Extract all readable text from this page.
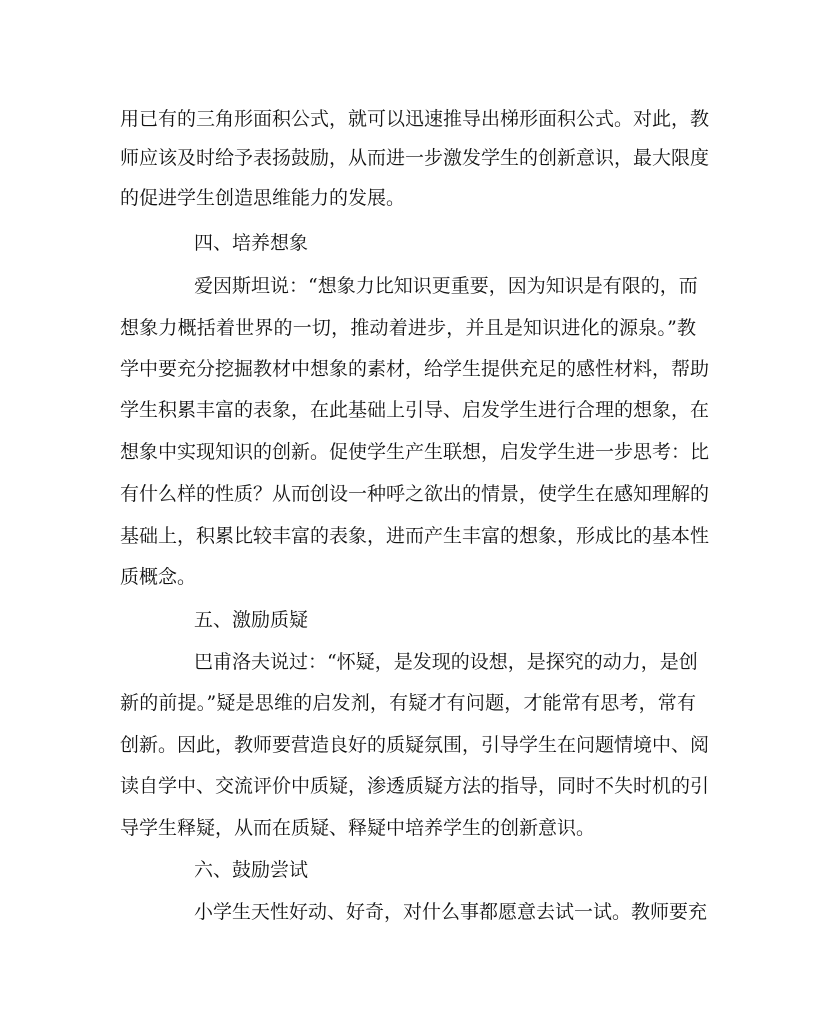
用已有的三角形面积公式，就可以迅速推导出梯形面积公式。对此，教
师应该及时给予表扬鼓励，从而进一步激发学生的创新意识，最大限度
的促进学生创造思维能力的发展。
四、培养想象
爱因斯坦说：“想象力比知识更重要，因为知识是有限的，而
想象力概括着世界的一切，推动着进步，并且是知识进化的源泉。”教
学中要充分挖掘教材中想象的素材，给学生提供充足的感性材料，帮助
学生积累丰富的表象，在此基础上引导、启发学生进行合理的想象，在
想象中实现知识的创新。促使学生产生联想，启发学生进一步思考：比
有什么样的性质？从而创设一种呼之欲出的情景，使学生在感知理解的
基础上，积累比较丰富的表象，进而产生丰富的想象，形成比的基本性
质概念。
五、激励质疑
巴甫洛夫说过：“怀疑，是发现的设想，是探究的动力，是创
新的前提。”疑是思维的启发剂，有疑才有问题，才能常有思考，常有
创新。因此，教师要营造良好的质疑氛围，引导学生在问题情境中、阅
读自学中、交流评价中质疑，渗透质疑方法的指导，同时不失时机的引
导学生释疑，从而在质疑、释疑中培养学生的创新意识。
六、鼓励尝试
小学生天性好动、好奇，对什么事都愿意去试一试。教师要充
